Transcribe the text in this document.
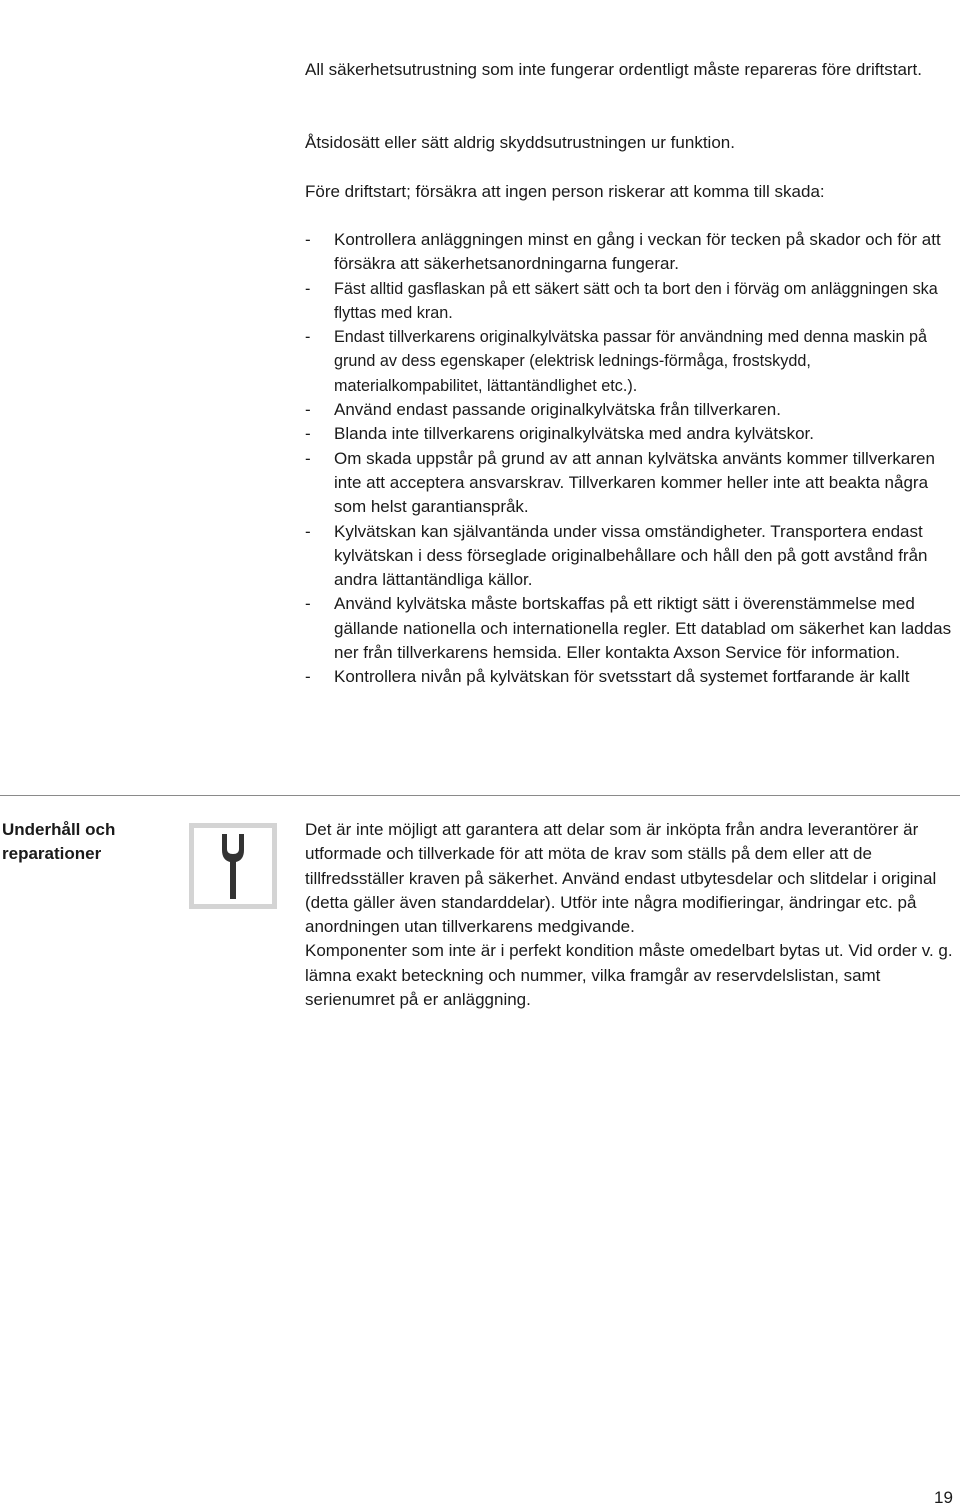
All säkerhetsutrustning som inte fungerar ordentligt måste repareras före driftstart.

Åtsidosätt eller sätt aldrig skyddsutrustningen ur funktion.

Före driftstart; försäkra att ingen person riskerar att komma till skada:

- Kontrollera anläggningen minst en gång i veckan för tecken på skador och för att försäkra att säkerhetsanordningarna fungerar.
- Fäst alltid gasflaskan på ett säkert sätt och ta bort den i förväg om anläggningen ska flyttas med kran.
- Endast tillverkarens originalkylvätska passar för användning med denna maskin på grund av dess egenskaper (elektrisk lednings-förmåga, frostskydd, materialkompabilitet, lättantändlighet etc.).
- Använd endast passande originalkylvätska från tillverkaren.
- Blanda inte tillverkarens originalkylvätska med andra kylvätskor.
- Om skada uppstår på grund av att annan kylvätska använts kommer tillverkaren inte att acceptera ansvarskrav. Tillverkaren kommer heller inte att beakta några som helst garantianspråk.
- Kylvätskan kan självantända under vissa omständigheter. Transportera endast kylvätskan i dess förseglade originalbehållare och håll den på gott avstånd från andra lättantändliga källor.
- Använd kylvätska måste bortskaffas på ett riktigt sätt i överenstämmelse med gällande nationella och internationella regler. Ett datablad om säkerhet kan laddas ner från tillverkarens hemsida. Eller kontakta Axson Service för information.
- Kontrollera nivån på kylvätskan för svetsstart då systemet fortfarande är kallt
Underhåll och reparationer

Det är inte möjligt att garantera att delar som är inköpta från andra leverantörer är utformade och tillverkade för att möta de krav som ställs på dem eller att de tillfredsställer kraven på säkerhet. Använd endast utbytesdelar och slitdelar i original (detta gäller även standarddelar). Utför inte några modifieringar, ändringar etc. på anordningen utan tillverkarens medgivande.

Komponenter som inte är i perfekt kondition måste omedelbart bytas ut. Vid order v. g. lämna exakt beteckning och nummer, vilka framgår av reservdelslistan, samt serienumret på er anläggning.

19
